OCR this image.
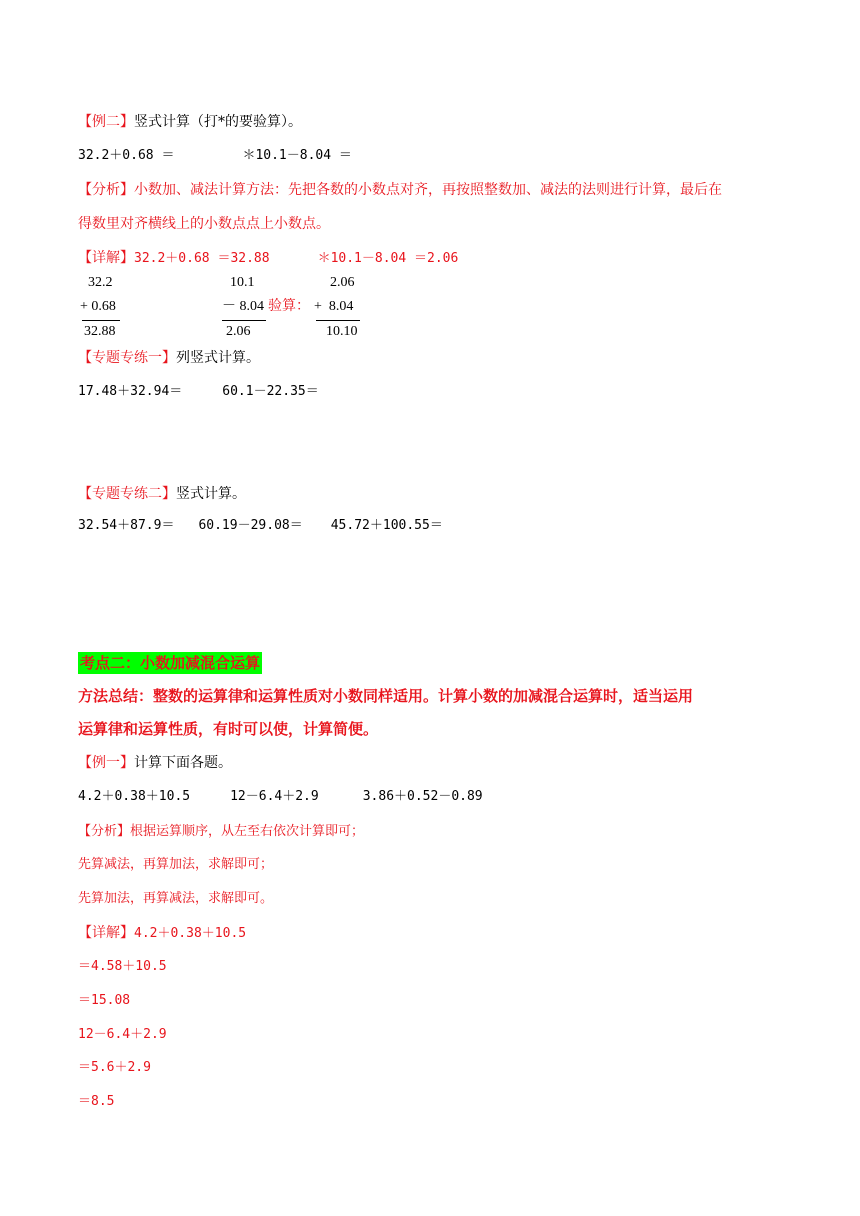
【例二】竖式计算（打*的要验算）。
32.2＋0.68 ＝	＊10.1－8.04 ＝
【分析】小数加、减法计算方法：先把各数的小数点对齐，再按照整数加、减法的法则进行计算，最后在
得数里对齐横线上的小数点点上小数点。
【详解】32.2＋0.68 ＝32.88	＊10.1－8.04 ＝2.06
32.2
+ 0.68
32.88
10.1
－ 8.04 验算：
2.06
2.06
+  8.04
10.10
【专题专练一】列竖式计算。
17.48＋32.94＝	60.1－22.35＝
【专题专练二】竖式计算。
32.54＋87.9＝ 60.19－29.08＝ 45.72＋100.55＝
考点二：小数加减混合运算
方法总结：整数的运算律和运算性质对小数同样适用。计算小数的加减混合运算时，适当运用
运算律和运算性质，有时可以使，计算简便。
【例一】计算下面各题。
4.2＋0.38＋10.5	12－6.4＋2.9	3.86＋0.52－0.89
【分析】根据运算顺序，从左至右依次计算即可；
先算减法，再算加法，求解即可；
先算加法，再算减法，求解即可。
【详解】4.2＋0.38＋10.5
＝4.58＋10.5
＝15.08
12－6.4＋2.9
＝5.6＋2.9
＝8.5
